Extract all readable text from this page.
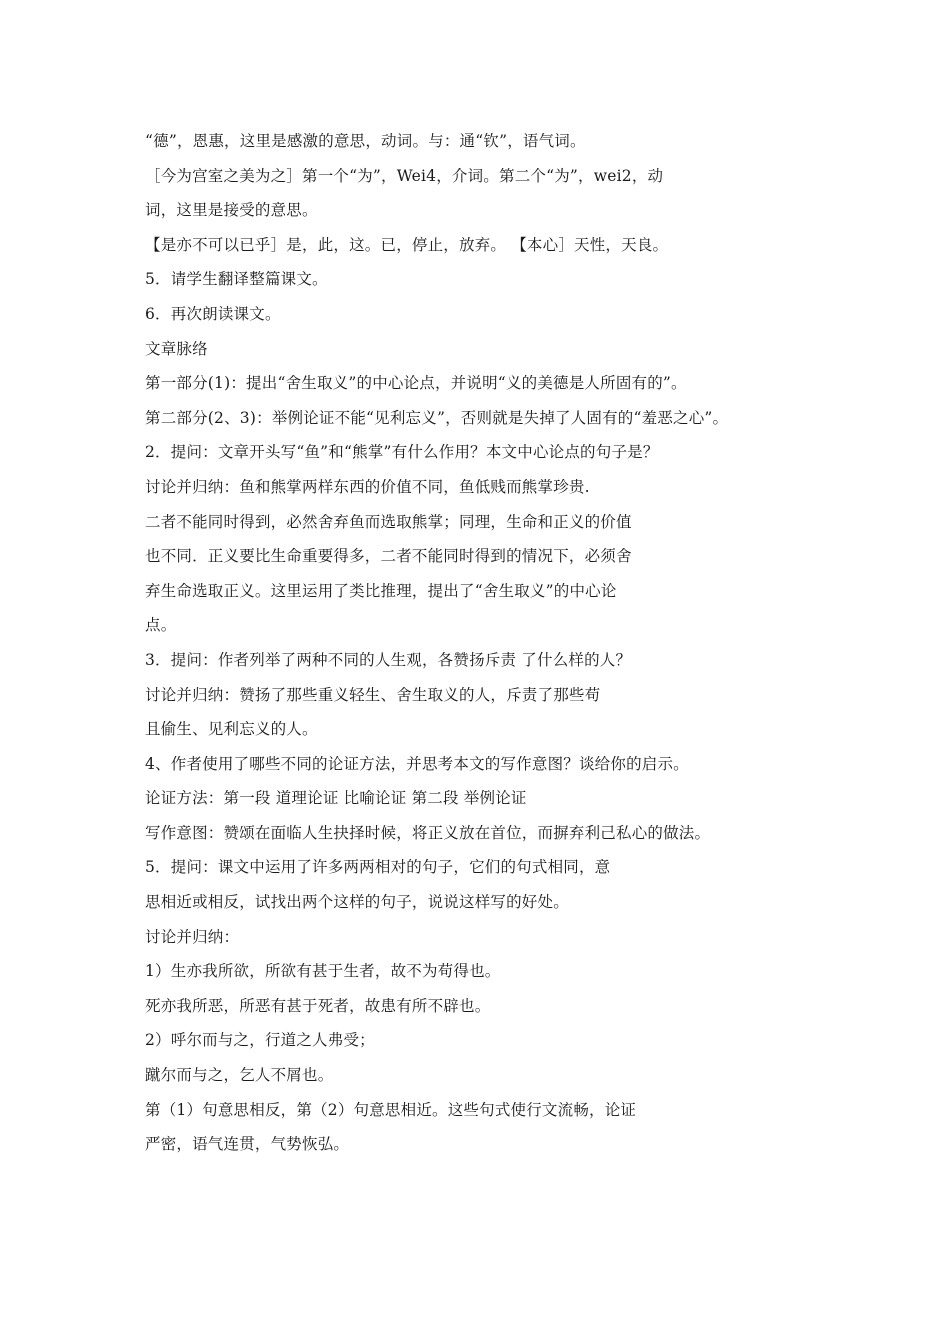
“德”，恩惠，这里是感激的意思，动词。与：通“钦”，语气词。
［今为宫室之美为之］第一个“为”，Wei4，介词。第二个“为”，wei2，动
词，这里是接受的意思。
【是亦不可以已乎］是，此，这。已，停止，放弃。 【本心］天性，天良。
5．请学生翻译整篇课文。
6．再次朗读课文。
文章脉络
第一部分(1)：提出“舍生取义”的中心论点，并说明“义的美德是人所固有的”。
第二部分(2、3)：举例论证不能“见利忘义”，否则就是失掉了人固有的“羞恶之心”。
2．提问：文章开头写“鱼”和“熊掌”有什么作用？本文中心论点的句子是？
讨论并归纳：鱼和熊掌两样东西的价值不同，鱼低贱而熊掌珍贵.
二者不能同时得到，必然舍弃鱼而选取熊掌；同理，生命和正义的价值
也不同．正义要比生命重要得多，二者不能同时得到的情况下，必须舍
弃生命选取正义。这里运用了类比推理，提出了“舍生取义”的中心论
点。
3．提问：作者列举了两种不同的人生观，各赞扬斥责 了什么样的人？
讨论并归纳：赞扬了那些重义轻生、舍生取义的人，斥责了那些苟
且偷生、见利忘义的人。
4、作者使用了哪些不同的论证方法，并思考本文的写作意图？谈给你的启示。
论证方法：第一段 道理论证 比喻论证 第二段 举例论证
写作意图：赞颂在面临人生抉择时候，将正义放在首位，而摒弃利己私心的做法。
5．提问：课文中运用了许多两两相对的句子，它们的句式相同，意
思相近或相反，试找出两个这样的句子，说说这样写的好处。
讨论并归纳：
1）生亦我所欲，所欲有甚于生者，故不为苟得也。
死亦我所恶，所恶有甚于死者，故患有所不辟也。
2）呼尔而与之，行道之人弗受；
蹴尔而与之，乞人不屑也。
第（1）句意思相反，第（2）句意思相近。这些句式使行文流畅，论证
严密，语气连贯，气势恢弘。
